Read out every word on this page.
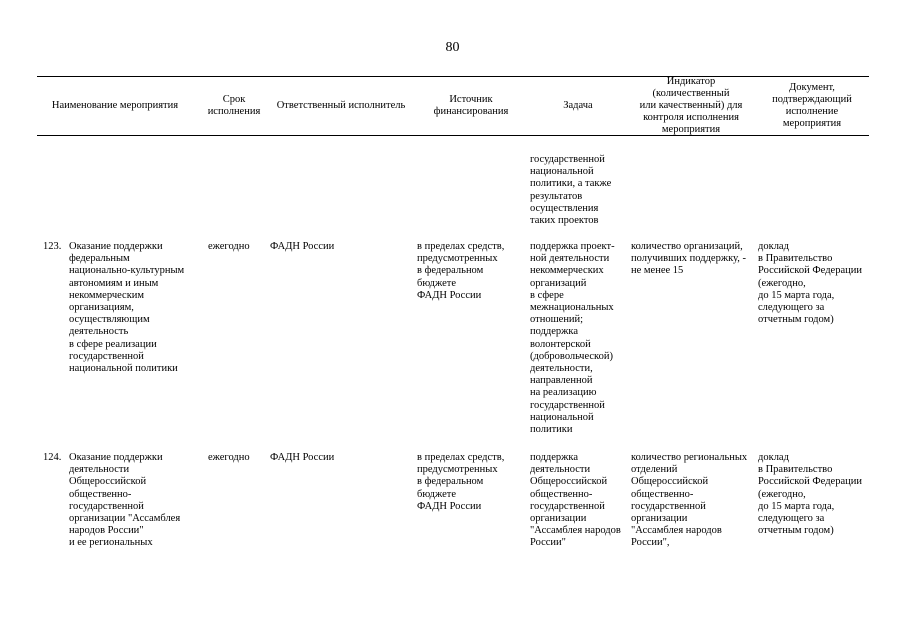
80
Наименование мероприятия
Срок
исполнения
Ответственный исполнитель
Источник
финансирования
Задача
Индикатор
(количественный
или качественный) для
контроля исполнения
мероприятия
Документ,
подтверждающий
исполнение
мероприятия
государственной
национальной
политики, а также
результатов
осуществления
таких проектов
123. Оказание поддержки
федеральным
национально-культурным
автономиям и иным
некоммерческим
организациям,
осуществляющим
деятельность
в сфере реализации
государственной
национальной политики
ежегодно ФАДН России	в пределах средств,
предусмотренных
в федеральном
бюджете
ФАДН России
поддержка проект-
ной деятельности
некоммерческих
организаций
в сфере
межнациональных
отношений;
поддержка
волонтерской
(добровольческой)
деятельности,
направленной
на реализацию
государственной
национальной
политики
количество организаций,
получивших поддержку, -
не менее 15
доклад
в Правительство
Российской Федерации
(ежегодно,
до 15 марта года,
следующего за
отчетным годом)
124. Оказание поддержки
деятельности
Общероссийской
общественно-
государственной
организации "Ассамблея
народов России"
и ее региональных
ежегодно ФАДН России	в пределах средств,
предусмотренных
в федеральном
бюджете
ФАДН России
поддержка
деятельности
Общероссийской
общественно-
государственной
организации
"Ассамблея народов
России"
количество региональных
отделений
Общероссийской
общественно-
государственной
организации
"Ассамблея народов
России",
доклад
в Правительство
Российской Федерации
(ежегодно,
до 15 марта года,
следующего за
отчетным годом)
